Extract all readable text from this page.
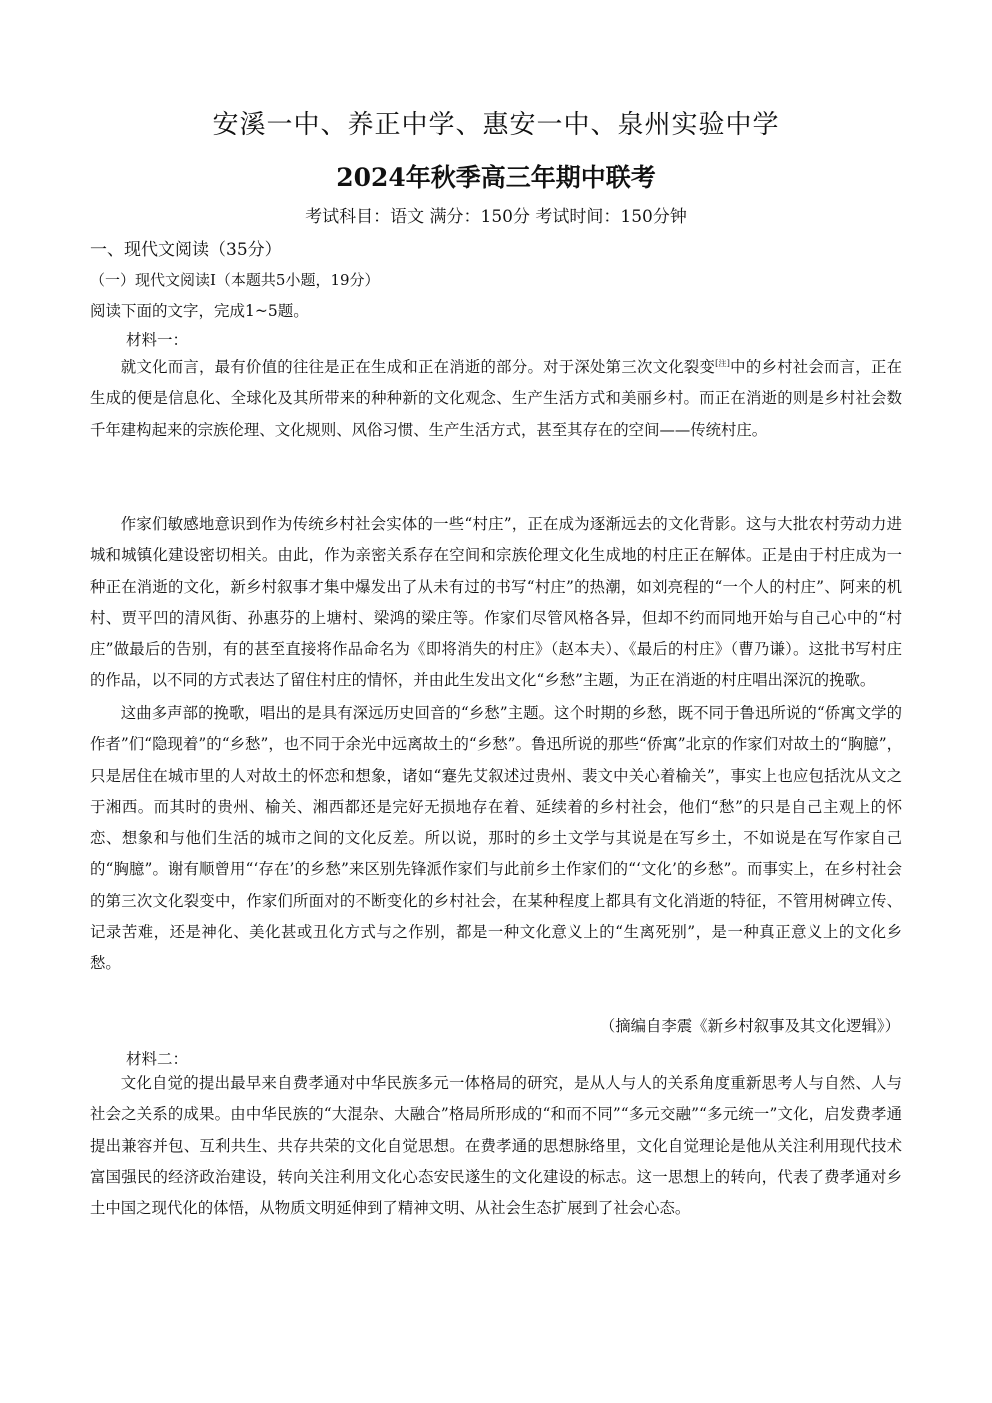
安溪一中、养正中学、惠安一中、泉州实验中学
2024年秋季高三年期中联考
考试科目：语文 满分：150分 考试时间：150分钟
一、现代文阅读（35分）
（一）现代文阅读I（本题共5小题，19分）
阅读下面的文字，完成1~5题。
材料一：

就文化而言，最有价值的往往是正在生成和正在消逝的部分。对于深处第三次文化裂变[注]中的乡村社会而言，正在生成的便是信息化、全球化及其所带来的种种新的文化观念、生产生活方式和美丽乡村。而正在消逝的则是乡村社会数千年建构起来的宗族伦理、文化规则、风俗习惯、生产生活方式，甚至其存在的空间——传统村庄。

作家们敏感地意识到作为传统乡村社会实体的一些“村庄”，正在成为逐渐远去的文化背影。这与大批农村劳动力进城和城镇化建设密切相关。由此，作为亲密关系存在空间和宗族伦理文化生成地的村庄正在解体。正是由于村庄成为一种正在消逝的文化，新乡村叙事才集中爆发出了从未有过的书写“村庄”的热潮，如刘亮程的“一个人的村庄”、阿来的机村、贾平凹的清风街、孙惠芬的上塘村、梁鸿的梁庄等。作家们尽管风格各异，但却不约而同地开始与自己心中的“村庄”做最后的告别，有的甚至直接将作品命名为《即将消失的村庄》（赵本夫）、《最后的村庄》（曹乃谦）。这批书写村庄的作品，以不同的方式表达了留住村庄的情怀，并由此生发出文化“乡愁”主题，为正在消逝的村庄唱出深沉的挽歌。

这曲多声部的挽歌，唱出的是具有深远历史回音的“乡愁”主题。这个时期的乡愁，既不同于鲁迅所说的“侨寓文学的作者”们“隐现着”的“乡愁”，也不同于余光中远离故土的“乡愁”。鲁迅所说的那些“侨寓”北京的作家们对故土的“胸臆”，只是居住在城市里的人对故土的怀恋和想象，诸如“蹇先艾叙述过贵州、裴文中关心着榆关”，事实上也应包括沈从文之于湘西。而其时的贵州、榆关、湘西都还是完好无损地存在着、延续着的乡村社会，他们“愁”的只是自己主观上的怀恋、想象和与他们生活的城市之间的文化反差。所以说，那时的乡土文学与其说是在写乡土，不如说是在写作家自己的“胸臆”。谢有顺曾用“‘存在’的乡愁”来区别先锋派作家们与此前乡土作家们的“‘文化’的乡愁”。而事实上，在乡村社会的第三次文化裂变中，作家们所面对的不断变化的乡村社会，在某种程度上都具有文化消逝的特征，不管用树碑立传、记录苦难，还是神化、美化甚或丑化方式与之作别，都是一种文化意义上的“生离死别”，是一种真正意义上的文化乡愁。

（摘编自李震《新乡村叙事及其文化逻辑》）
材料二：

文化自觉的提出最早来自费孝通对中华民族多元一体格局的研究，是从人与人的关系角度重新思考人与自然、人与社会之关系的成果。由中华民族的“大混杂、大融合”格局所形成的“和而不同”“多元交融”“多元统一”文化，启发费孝通提出兼容并包、互利共生、共存共荣的文化自觉思想。在费孝通的思想脉络里，文化自觉理论是他从关注利用现代技术富国强民的经济政治建设，转向关注利用文化心态安民遂生的文化建设的标志。这一思想上的转向，代表了费孝通对乡土中国之现代化的体悟，从物质文明延伸到了精神文明、从社会生态扩展到了社会心态。
